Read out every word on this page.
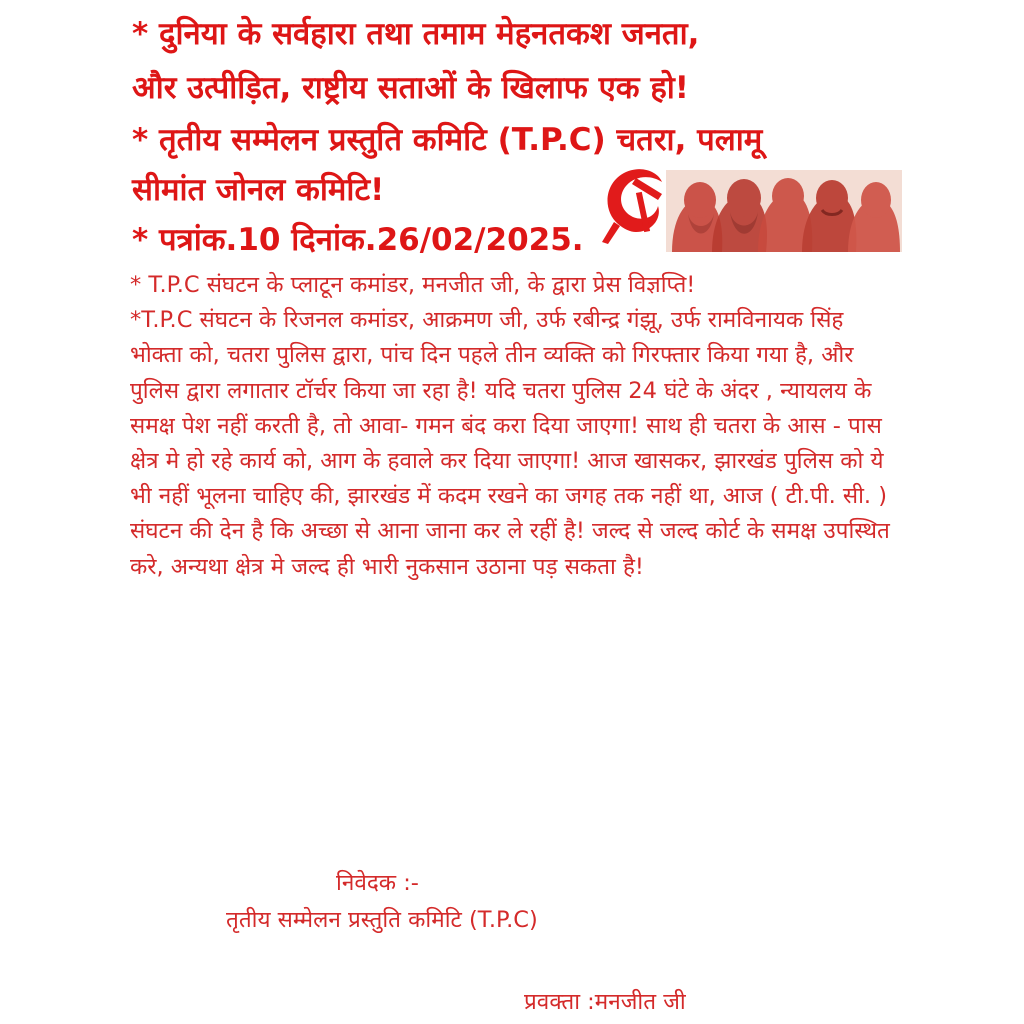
* दुनिया के सर्वहारा तथा तमाम मेहनतकश जनता,
और उत्पीड़ित, राष्ट्रीय सताओं के खिलाफ एक हो!
* तृतीय सम्मेलन प्रस्तुति कमिटि (T.P.C) चतरा, पलामू
सीमांत जोनल कमिटि!
* पत्रांक.10 दिनांक.26/02/2025.

* T.P.C संघटन के प्लाटून कमांडर, मनजीत जी, के द्वारा प्रेस विज्ञप्ति!

*T.P.C संघटन के रिजनल कमांडर, आक्रमण जी, उर्फ रबीन्द्र गंझू, उर्फ रामविनायक सिंह भोक्ता को, चतरा पुलिस द्वारा, पांच दिन पहले तीन व्यक्ति को गिरफ्तार किया गया है, और पुलिस द्वारा लगातार टॉर्चर किया जा रहा है! यदि चतरा पुलिस 24 घंटे के अंदर , न्यायलय के समक्ष पेश नहीं करती है, तो आवा- गमन बंद करा दिया जाएगा! साथ ही चतरा के आस - पास क्षेत्र मे हो रहे कार्य को, आग के हवाले कर दिया जाएगा! आज खासकर, झारखंड पुलिस को ये भी नहीं भूलना चाहिए की, झारखंड में कदम रखने का जगह तक नहीं था, आज ( टी.पी. सी. ) संघटन की देन है कि अच्छा से आना जाना कर ले रहीं है! जल्द से जल्द कोर्ट के समक्ष उपस्थित करे, अन्यथा क्षेत्र मे जल्द ही भारी नुकसान उठाना पड़ सकता है!

निवेदक :-

तृतीय सम्मेलन प्रस्तुति कमिटि (T.P.C)

प्रवक्ता :मनजीत जी
